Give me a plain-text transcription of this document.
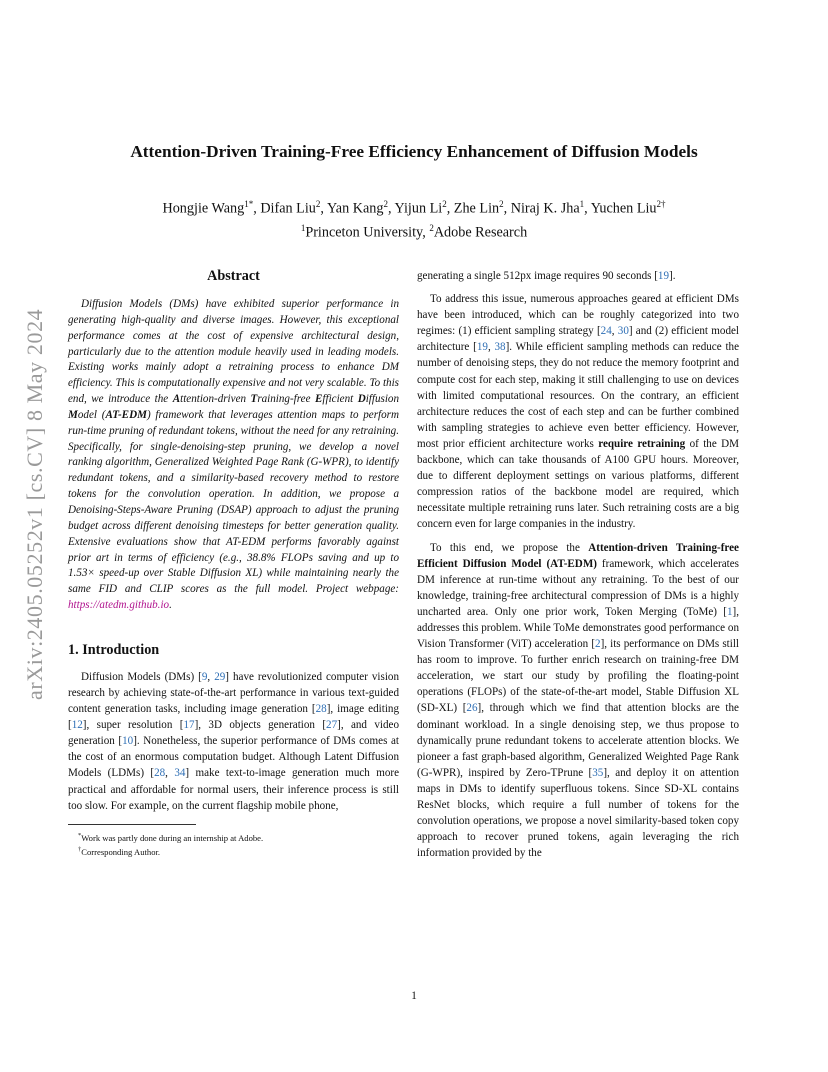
arXiv:2405.05252v1 [cs.CV] 8 May 2024
Attention-Driven Training-Free Efficiency Enhancement of Diffusion Models
Hongjie Wang$^{1*}$, Difan Liu$^2$, Yan Kang$^2$, Yijun Li$^2$, Zhe Lin$^2$, Niraj K. Jha$^1$, Yuchen Liu$^{2\dagger}$
$^1$Princeton University, $^2$Adobe Research
Abstract

Diffusion Models (DMs) have exhibited superior performance in generating high-quality and diverse images. However, this exceptional performance comes at the cost of expensive architectural design, particularly due to the attention module heavily used in leading models. Existing works mainly adopt a retraining process to enhance DM efficiency. This is computationally expensive and not very scalable. To this end, we introduce the Attention-driven Training-free Efficient Diffusion Model (AT-EDM) framework that leverages attention maps to perform run-time pruning of redundant tokens, without the need for any retraining. Specifically, for single-denoising-step pruning, we develop a novel ranking algorithm, Generalized Weighted Page Rank (G-WPR), to identify redundant tokens, and a similarity-based recovery method to restore tokens for the convolution operation. In addition, we propose a Denoising-Steps-Aware Pruning (DSAP) approach to adjust the pruning budget across different denoising timesteps for better generation quality. Extensive evaluations show that AT-EDM performs favorably against prior art in terms of efficiency (e.g., 38.8% FLOPs saving and up to 1.53× speed-up over Stable Diffusion XL) while maintaining nearly the same FID and CLIP scores as the full model. Project webpage: https://atedm.github.io.

1. Introduction

Diffusion Models (DMs) [9, 29] have revolutionized computer vision research by achieving state-of-the-art performance in various text-guided content generation tasks, including image generation [28], image editing [12], super resolution [17], 3D objects generation [27], and video generation [10]. Nonetheless, the superior performance of DMs comes at the cost of an enormous computation budget. Although Latent Diffusion Models (LDMs) [28, 34] make text-to-image generation much more practical and affordable for normal users, their inference process is still too slow. For example, on the current flagship mobile phone,

*Work was partly done during an internship at Adobe.

†Corresponding Author.

generating a single 512px image requires 90 seconds [19].

To address this issue, numerous approaches geared at efficient DMs have been introduced, which can be roughly categorized into two regimes: (1) efficient sampling strategy [24, 30] and (2) efficient model architecture [19, 38]. While efficient sampling methods can reduce the number of denoising steps, they do not reduce the memory footprint and compute cost for each step, making it still challenging to use on devices with limited computational resources. On the contrary, an efficient architecture reduces the cost of each step and can be further combined with sampling strategies to achieve even better efficiency. However, most prior efficient architecture works require retraining of the DM backbone, which can take thousands of A100 GPU hours. Moreover, due to different deployment settings on various platforms, different compression ratios of the backbone model are required, which necessitate multiple retraining runs later. Such retraining costs are a big concern even for large companies in the industry.

To this end, we propose the Attention-driven Training-free Efficient Diffusion Model (AT-EDM) framework, which accelerates DM inference at run-time without any retraining. To the best of our knowledge, training-free architectural compression of DMs is a highly uncharted area. Only one prior work, Token Merging (ToMe) [1], addresses this problem. While ToMe demonstrates good performance on Vision Transformer (ViT) acceleration [2], its performance on DMs still has room to improve. To further enrich research on training-free DM acceleration, we start our study by profiling the floating-point operations (FLOPs) of the state-of-the-art model, Stable Diffusion XL (SD-XL) [26], through which we find that attention blocks are the dominant workload. In a single denoising step, we thus propose to dynamically prune redundant tokens to accelerate attention blocks. We pioneer a fast graph-based algorithm, Generalized Weighted Page Rank (G-WPR), inspired by Zero-TPrune [35], and deploy it on attention maps in DMs to identify superfluous tokens. Since SD-XL contains ResNet blocks, which require a full number of tokens for the convolution operations, we propose a novel similarity-based token copy approach to recover pruned tokens, again leveraging the rich information provided by the

1
